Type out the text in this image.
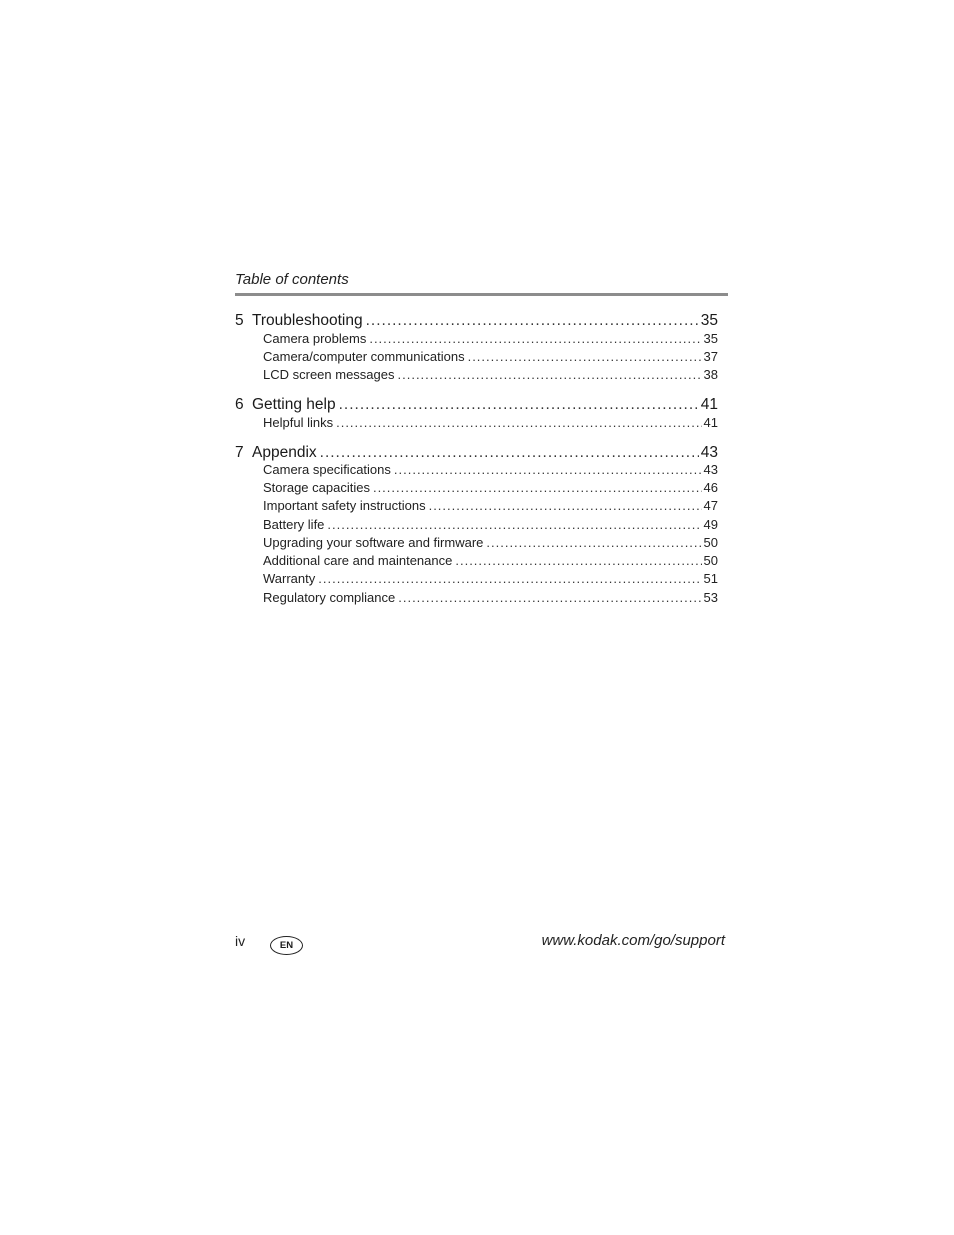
Table of contents
5 Troubleshooting .....	35
Camera problems .....	35
Camera/computer communications .....	37
LCD screen messages .....	38
6 Getting help .....	41
Helpful links .....	41
7 Appendix .....	43
Camera specifications .....	43
Storage capacities .....	46
Important safety instructions .....	47
Battery life .....	49
Upgrading your software and firmware .....	50
Additional care and maintenance .....	50
Warranty .....	51
Regulatory compliance .....	53
iv	EN	www.kodak.com/go/support
